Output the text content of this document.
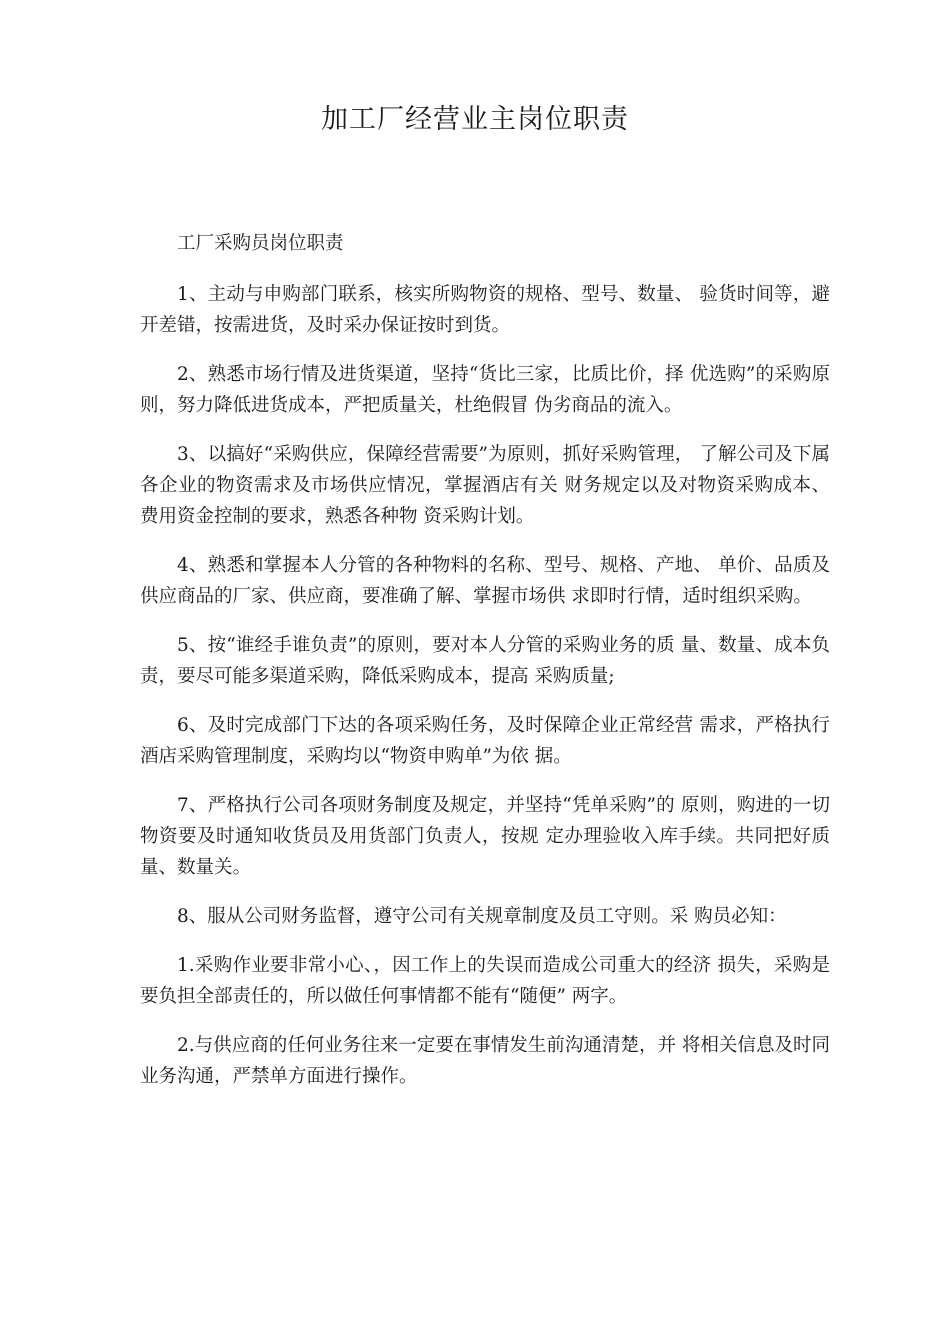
加工厂经营业主岗位职责

工厂采购员岗位职责

1、主动与申购部门联系，核实所购物资的规格、型号、数量、 验货时间等，避开差错，按需进货，及时采办保证按时到货。

2、熟悉市场行情及进货渠道，坚持“货比三家，比质比价，择 优选购”的采购原则，努力降低进货成本，严把质量关，杜绝假冒 伪劣商品的流入。

3、以搞好“采购供应，保障经营需要”为原则，抓好采购管理， 了解公司及下属各企业的物资需求及市场供应情况，掌握酒店有关 财务规定以及对物资采购成本、费用资金控制的要求，熟悉各种物 资采购计划。

4、熟悉和掌握本人分管的各种物料的名称、型号、规格、产地、 单价、品质及供应商品的厂家、供应商，要准确了解、掌握市场供 求即时行情，适时组织采购。

5、按“谁经手谁负责”的原则，要对本人分管的采购业务的质 量、数量、成本负责，要尽可能多渠道采购，降低采购成本，提高 采购质量;

6、及时完成部门下达的各项采购任务，及时保障企业正常经营 需求，严格执行酒店采购管理制度，采购均以“物资申购单”为依 据。

7、严格执行公司各项财务制度及规定，并坚持“凭单采购”的 原则，购进的一切物资要及时通知收货员及用货部门负责人，按规 定办理验收入库手续。共同把好质量、数量关。

8、服从公司财务监督，遵守公司有关规章制度及员工守则。采 购员必知：

1.采购作业要非常小心、，因工作上的失误而造成公司重大的经济 损失，采购是要负担全部责任的，所以做任何事情都不能有“随便” 两字。

2.与供应商的任何业务往来一定要在事情发生前沟通清楚，并 将相关信息及时同业务沟通，严禁单方面进行操作。
